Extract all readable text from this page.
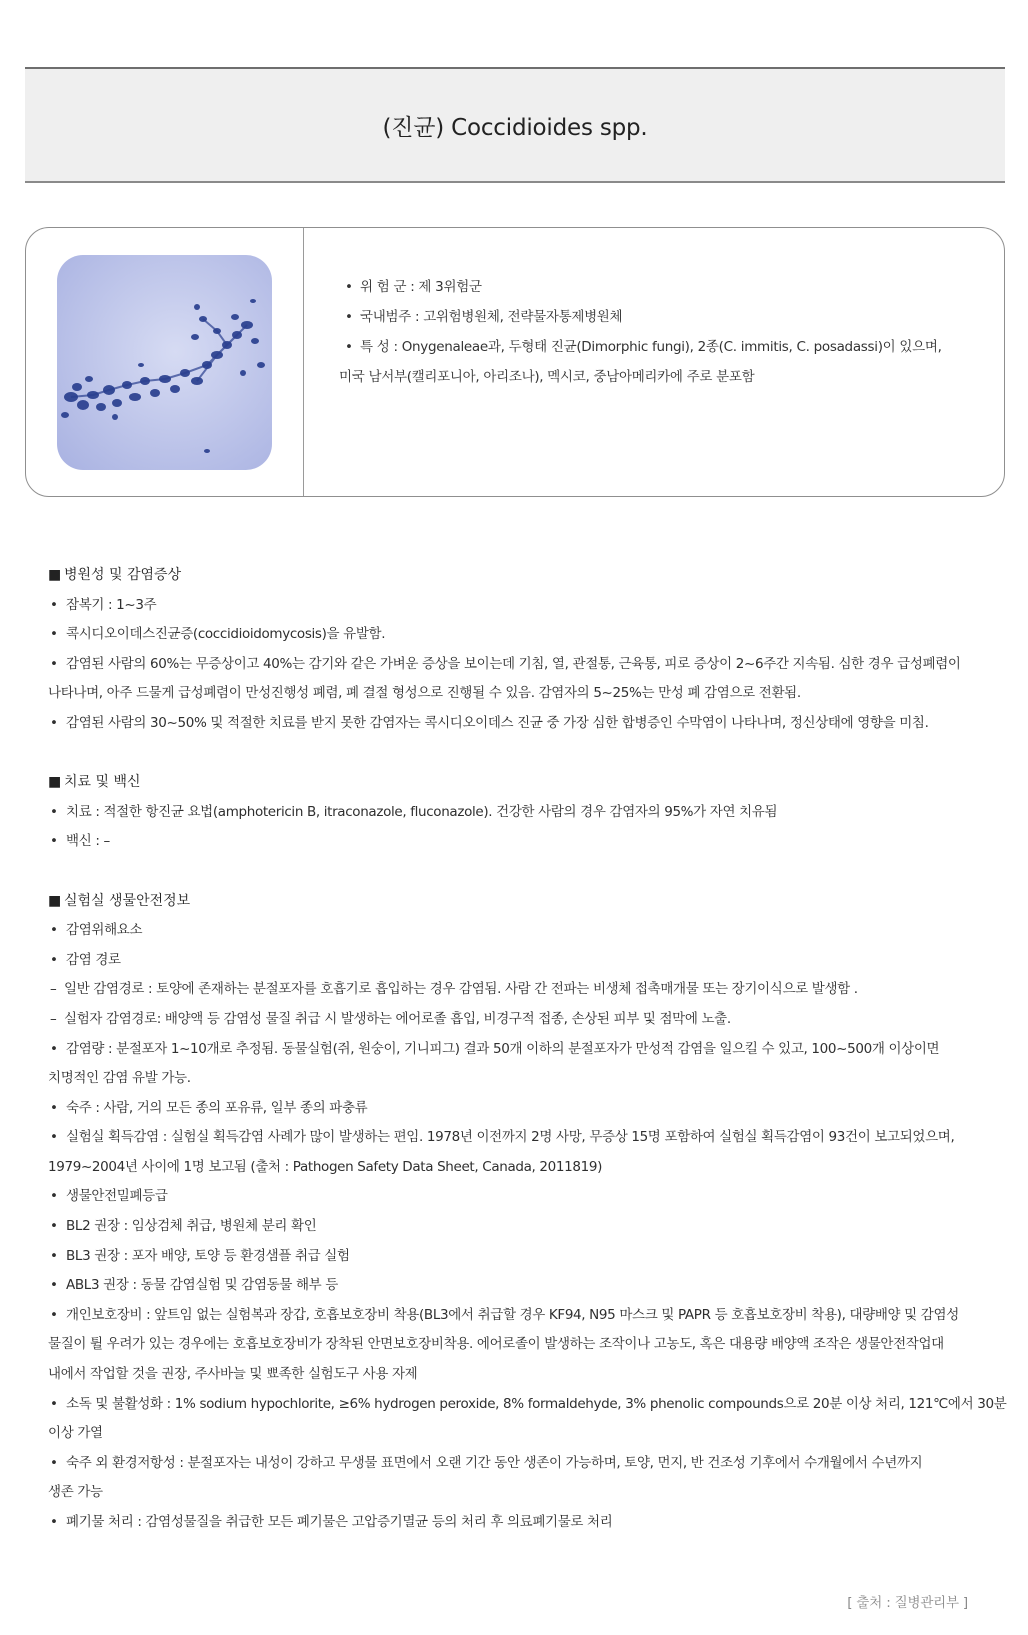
(진균) Coccidioides spp.
• 위 험 군 : 제 3위험군
• 국내범주 : 고위험병원체, 전략물자통제병원체
• 특 성 : Onygenaleae과, 두형태 진균(Dimorphic fungi), 2종(C. immitis, C. posadassi)이 있으며,
미국 남서부(캘리포니아, 아리조나), 멕시코, 중남아메리카에 주로 분포함
■ 병원성 및 감염증상
• 잠복기 : 1~3주
• 콕시디오이데스진균증(coccidioidomycosis)을 유발함.
• 감염된 사람의 60%는 무증상이고 40%는 감기와 같은 가벼운 증상을 보이는데 기침, 열, 관절통, 근육통, 피로 증상이 2~6주간 지속됨. 심한 경우 급성폐렴이
나타나며, 아주 드물게 급성폐렴이 만성진행성 폐렴, 폐 결절 형성으로 진행될 수 있음. 감염자의 5~25%는 만성 폐 감염으로 전환됨.
• 감염된 사람의 30~50% 및 적절한 치료를 받지 못한 감염자는 콕시디오이데스 진균 중 가장 심한 합병증인 수막염이 나타나며, 정신상태에 영향을 미침.
■ 치료 및 백신
• 치료 : 적절한 항진균 요법(amphotericin B, itraconazole, fluconazole). 건강한 사람의 경우 감염자의 95%가 자연 치유됨
• 백신 : –
■ 실험실 생물안전정보
• 감염위해요소
• 감염 경로
– 일반 감염경로 : 토양에 존재하는 분절포자를 호흡기로 흡입하는 경우 감염됨. 사람 간 전파는 비생체 접촉매개물 또는 장기이식으로 발생함 .
– 실험자 감염경로: 배양액 등 감염성 물질 취급 시 발생하는 에어로졸 흡입, 비경구적 접종, 손상된 피부 및 점막에 노출.
• 감염량 : 분절포자 1~10개로 추정됨. 동물실험(쥐, 원숭이, 기니피그) 결과 50개 이하의 분절포자가 만성적 감염을 일으킬 수 있고, 100~500개 이상이면
치명적인 감염 유발 가능.
• 숙주 : 사람, 거의 모든 종의 포유류, 일부 종의 파충류
• 실험실 획득감염 : 실험실 획득감염 사례가 많이 발생하는 편임. 1978년 이전까지 2명 사망, 무증상 15명 포함하여 실험실 획득감염이 93건이 보고되었으며,
1979~2004년 사이에 1명 보고됨 (출처 : Pathogen Safety Data Sheet, Canada, 2011819)
• 생물안전밀폐등급
• BL2 권장 : 임상검체 취급, 병원체 분리 확인
• BL3 권장 : 포자 배양, 토양 등 환경샘플 취급 실험
• ABL3 권장 : 동물 감염실험 및 감염동물 해부 등
• 개인보호장비 : 앞트임 없는 실험복과 장갑, 호흡보호장비 착용(BL3에서 취급할 경우 KF94, N95 마스크 및 PAPR 등 호흡보호장비 착용), 대량배양 및 감염성
물질이 튈 우려가 있는 경우에는 호흡보호장비가 장착된 안면보호장비착용. 에어로졸이 발생하는 조작이나 고농도, 혹은 대용량 배양액 조작은 생물안전작업대
내에서 작업할 것을 권장, 주사바늘 및 뾰족한 실험도구 사용 자제
• 소독 및 불활성화 : 1% sodium hypochlorite, ≥6% hydrogen peroxide, 8% formaldehyde, 3% phenolic compounds으로 20분 이상 처리, 121℃에서 30분
이상 가열
• 숙주 외 환경저항성 : 분절포자는 내성이 강하고 무생물 표면에서 오랜 기간 동안 생존이 가능하며, 토양, 먼지, 반 건조성 기후에서 수개월에서 수년까지
생존 가능
• 폐기물 처리 : 감염성물질을 취급한 모든 폐기물은 고압증기멸균 등의 처리 후 의료폐기물로 처리
[ 출처 : 질병관리부 ]
